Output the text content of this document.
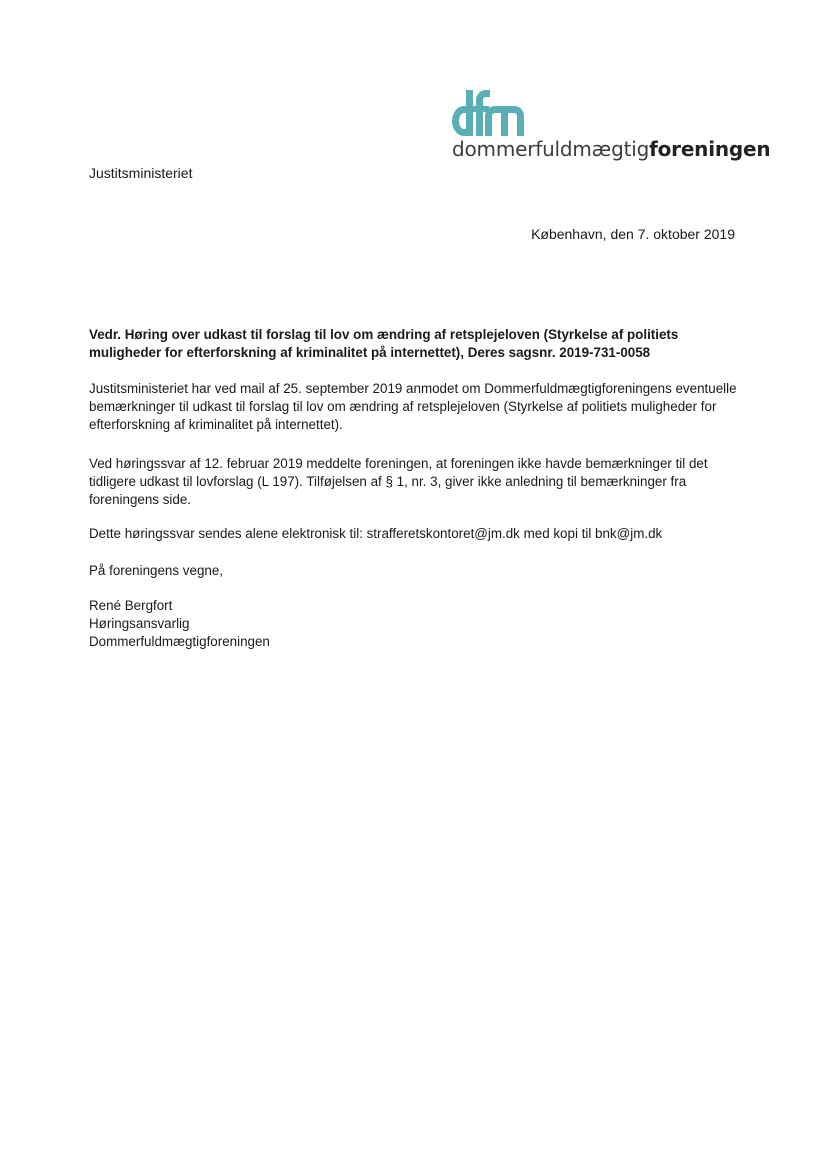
dommerfuldmægtigforeningen
Justitsministeriet
København, den 7. oktober 2019
Vedr. Høring over udkast til forslag til lov om ændring af retsplejeloven (Styrkelse af politiets muligheder for efterforskning af kriminalitet på internettet), Deres sagsnr. 2019-731-0058

Justitsministeriet har ved mail af 25. september 2019 anmodet om Dommerfuldmægtigforeningens eventuelle bemærkninger til udkast til forslag til lov om ændring af retsplejeloven (Styrkelse af politiets muligheder for efterforskning af kriminalitet på internettet).

Ved høringssvar af 12. februar 2019 meddelte foreningen, at foreningen ikke havde bemærkninger til det tidligere udkast til lovforslag (L 197). Tilføjelsen af § 1, nr. 3, giver ikke anledning til bemærkninger fra foreningens side.

Dette høringssvar sendes alene elektronisk til: strafferetskontoret@jm.dk med kopi til bnk@jm.dk

På foreningens vegne,

René Bergfort
Høringsansvarlig
Dommerfuldmægtigforeningen
